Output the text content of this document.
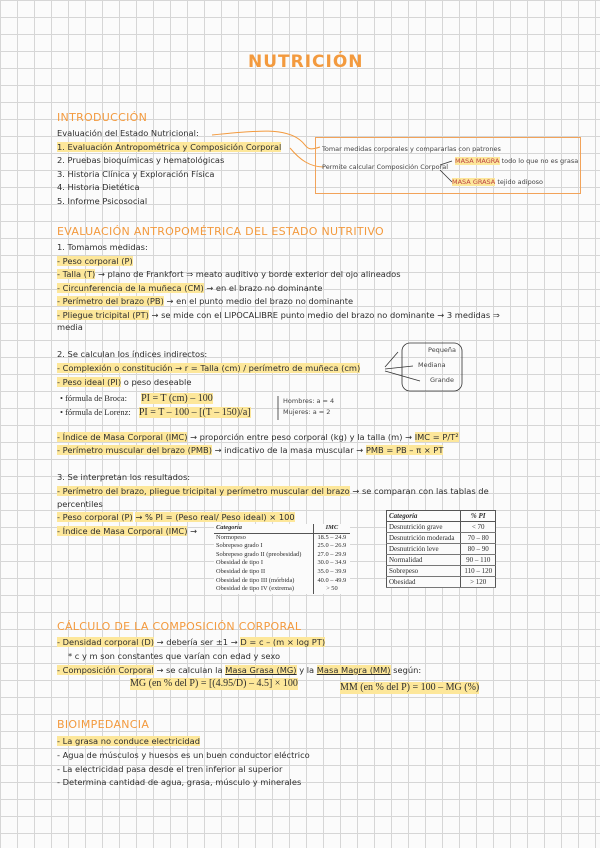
NUTRICIÓN
INTRODUCCIÓN
Evaluación del Estado Nutricional:
1. Evaluación Antropométrica y Composición Corporal
2. Pruebas bioquímicas y hematológicas
3. Historia Clínica y Exploración Física
4. Historia Dietética
5. Informe Psicosocial
Tomar medidas corporales y compararlas con patrones
Permite calcular Composición Corporal
MASA MAGRA todo lo que no es grasa
MASA GRASA tejido adiposo
EVALUACIÓN ANTROPOMÉTRICA DEL ESTADO NUTRITIVO
1. Tomamos medidas:
- Peso corporal (P)
- Talla (T) → plano de Frankfort ⇒ meato auditivo y borde exterior del ojo alineados
- Circunferencia de la muñeca (CM) → en el brazo no dominante
- Perímetro del brazo (PB) → en el punto medio del brazo no dominante
- Pliegue tricipital (PT) → se mide con el LIPOCALIBRE punto medio del brazo no dominante → 3 medidas ⇒
media
2. Se calculan los índices indirectos:
- Complexión o constitución → r = Talla (cm) / perímetro de muñeca (cm)
Pequeña
Mediana
Grande
- Peso ideal (PI) o peso deseable
• fórmula de Broca: PI = T (cm) – 100
• fórmula de Lorenz: PI = T – 100 – [(T – 150)/a]
Hombres: a = 4
Mujeres: a = 2
- Índice de Masa Corporal (IMC) → proporción entre peso corporal (kg) y la talla (m) → IMC = P/T²
- Perímetro muscular del brazo (PMB) → indicativo de la masa muscular → PMB = PB – π × PT
3. Se interpretan los resultados:
- Perímetro del brazo, pliegue tricipital y perímetro muscular del brazo → se comparan con las tablas de
percentiles
- Peso corporal (P) → % PI = (Peso real/ Peso ideal) × 100
- Índice de Masa Corporal (IMC) →	Categoría	IMC
Normopeso	18.5 – 24.9
Sobrepeso grado I	25.0 – 26.9
Sobrepeso grado II (preobesidad)	27.0 – 29.9
Obesidad de tipo I	30.0 – 34.9
Obesidad de tipo II	35.0 – 39.9
Obesidad de tipo III (mórbida)	40.0 – 49.9
Obesidad de tipo IV (extrema)	> 50
Categoría	% PI
Desnutrición grave	< 70
Desnutrición moderada	70 – 80
Desnutrición leve	80 – 90
Normalidad	90 – 110
Sobrepeso	110 – 120
Obesidad	> 120
CÁLCULO DE LA COMPOSICIÓN CORPORAL
- Densidad corporal (D) → debería ser ±1 → D = c – (m × log PT)
* c y m son constantes que varían con edad y sexo
- Composición Corporal → se calculan la Masa Grasa (MG) y la Masa Magra (MM) según:
MG (en % del P) = [(4.95/D) – 4.5] × 100	MM (en % del P) = 100 – MG (%)
BIOIMPEDANCIA
- La grasa no conduce electricidad
- Agua de músculos y huesos es un buen conductor eléctrico
- La electricidad pasa desde el tren inferior al superior
- Determina cantidad de agua, grasa, músculo y minerales
